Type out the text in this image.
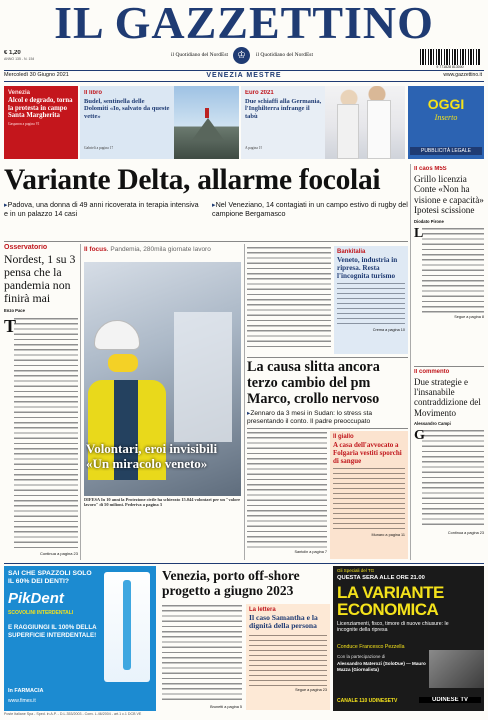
IL GAZZETTINO
€ 1,20
ANNO 135 - N. 154
il Quotidiano del NordEst ♔	il Quotidiano del NordEst
9 771828 813000
Mercoledì 30 Giugno 2021	VENEZIA MESTRE	www.gazzettino.it
Venezia
Alcol e degrado, torna la protesta in campo Santa Margherita
Gasparon a pagina VI
Il libro
Budel, sentinella delle Dolomiti «Io, salvato da queste vette»
Gabrieli a pagina 17
Euro 2021
Due schiaffi alla Germania, l'Inghilterra infrange il tabù
A pagina 19
OGGI
Inserto
PUBBLICITÀ LEGALE
Variante Delta, allarme focolai
▸Padova, una donna di 49 anni ricoverata in terapia intensiva e in un palazzo 14 casi
▸Nel Veneziano, 14 contagiati in un campo estivo di rugby del campione Bergamasco
Osservatorio
Nordest, 1 su 3 pensa che la pandemia non finirà mai
Enzo Pace
T
Continua a pagina 23
Il focus. Pandemia, 280mila giornate lavoro
Volontari, eroi invisibili «Un miracolo veneto»
DIFESA In 10 anni la Protezione civile ha schierato 15.044 volontari per un "valore lavoro" di 50 milioni. Pederiva a pagina 3
Bankitalia
Veneto, industria in ripresa. Resta l'incognita turismo
Crema a pagina 10
La causa slitta ancora terzo cambio del pm Marco, crollo nervoso
▸Zennaro da 3 mesi in Sudan: lo stress sta presentando il conto. Il padre preoccupato
Santolin a pagina 7
Il giallo
A casa dell'avvocato a Folgaria vestiti sporchi di sangue
Munaro a pagina 11
Il caos M5S
Grillo licenzia Conte «Non ha visione e capacità» Ipotesi scissione
Diodato Pirone
L
Segue a pagina 8
Il commento
Due strategie e l'insanabile contraddizione del Movimento
Alessandro Campi
G
Continua a pagina 23
SAI CHE SPAZZOLI SOLO IL 60% DEI DENTI?
PikDent
SCOVOLINI INTERDENTALI
E RAGGIUNGI IL 100% DELLA SUPERFICIE INTERDENTALE!
In FARMACIA
www.fimes.it
Venezia, porto off-shore progetto a giugno 2023
Brunetti a pagina 5
La lettera
Il caso Samantha e la dignità della persona
Segue a pagina 23
Gli Speciali del TG
QUESTA SERA ALLE ORE 21.00
LA VARIANTE ECONOMICA
Licenziamenti, fisco, timore di nuove chiusure: le incognite della ripresa
Conduce Francesco Pezzella
Con la partecipazione di
Alessandro Materozi (SoloDue) — Mauro Mazza (Giornalista)
CANALE 110 UDINESETV	UDINESE TV
Poste Italiane Spa - Sped. in A.P. - D.L.353/2003 - Conv. L.46/2004 - art.1 c.1 DCB VE
